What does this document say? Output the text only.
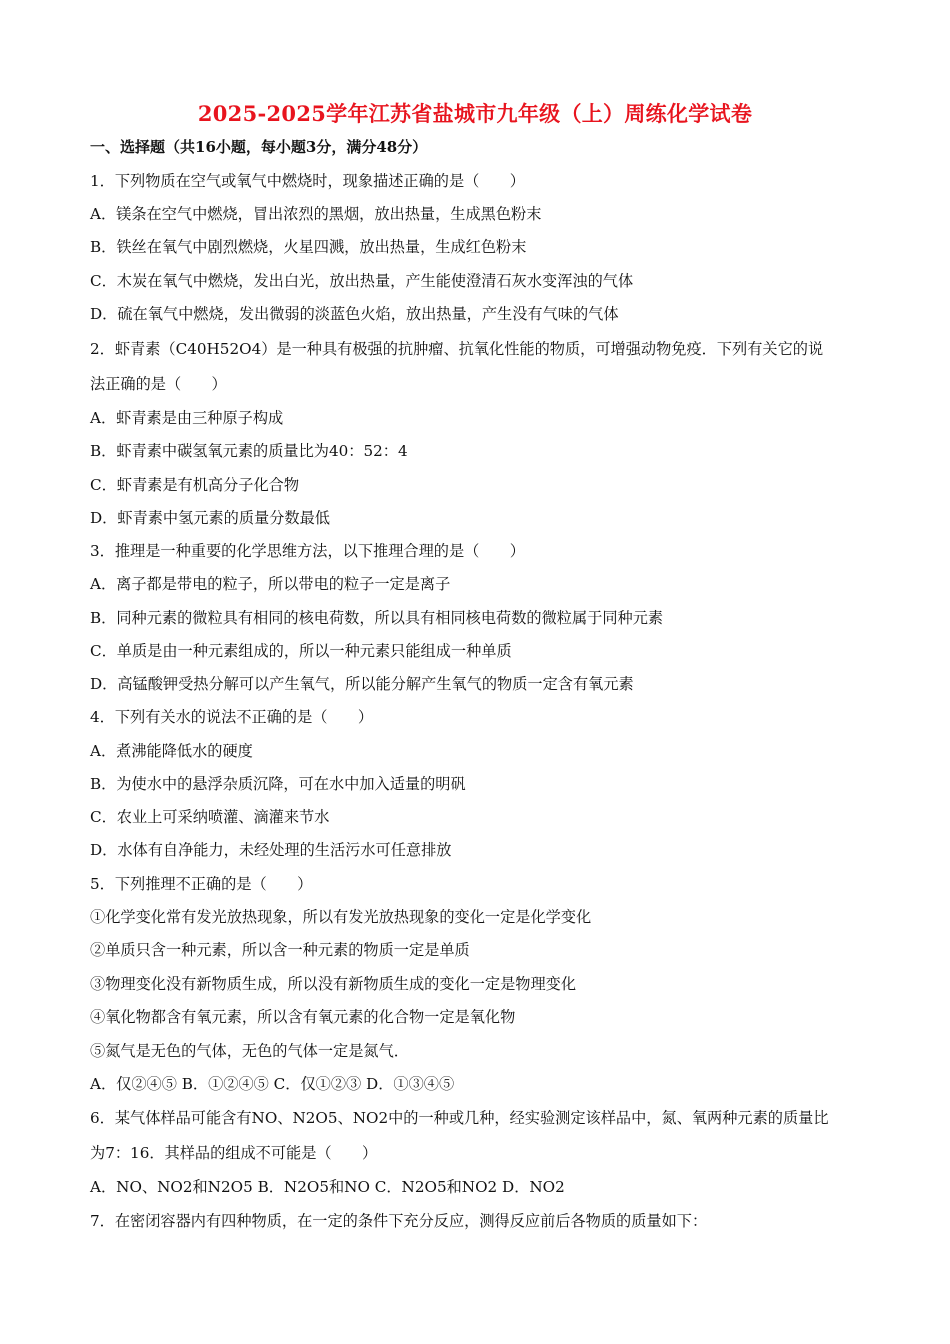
2025-2025学年江苏省盐城市九年级（上）周练化学试卷
一、选择题（共16小题，每小题3分，满分48分）
1．下列物质在空气或氧气中燃烧时，现象描述正确的是（　　）
A．镁条在空气中燃烧，冒出浓烈的黑烟，放出热量，生成黑色粉末
B．铁丝在氧气中剧烈燃烧，火星四溅，放出热量，生成红色粉末
C．木炭在氧气中燃烧，发出白光，放出热量，产生能使澄清石灰水变浑浊的气体
D．硫在氧气中燃烧，发出微弱的淡蓝色火焰，放出热量，产生没有气味的气体
2．虾青素（C40H52O4）是一种具有极强的抗肿瘤、抗氧化性能的物质，可增强动物免疫．下列有关它的说
法正确的是（　　）
A．虾青素是由三种原子构成
B．虾青素中碳氢氧元素的质量比为40：52：4
C．虾青素是有机高分子化合物
D．虾青素中氢元素的质量分数最低
3．推理是一种重要的化学思维方法，以下推理合理的是（　　）
A．离子都是带电的粒子，所以带电的粒子一定是离子
B．同种元素的微粒具有相同的核电荷数，所以具有相同核电荷数的微粒属于同种元素
C．单质是由一种元素组成的，所以一种元素只能组成一种单质
D．高锰酸钾受热分解可以产生氧气，所以能分解产生氧气的物质一定含有氧元素
4．下列有关水的说法不正确的是（　　）
A．煮沸能降低水的硬度
B．为使水中的悬浮杂质沉降，可在水中加入适量的明矾
C．农业上可采纳喷灌、滴灌来节水
D．水体有自净能力，未经处理的生活污水可任意排放
5．下列推理不正确的是（　　）
①化学变化常有发光放热现象，所以有发光放热现象的变化一定是化学变化
②单质只含一种元素，所以含一种元素的物质一定是单质
③物理变化没有新物质生成，所以没有新物质生成的变化一定是物理变化
④氧化物都含有氧元素，所以含有氧元素的化合物一定是氧化物
⑤氮气是无色的气体，无色的气体一定是氮气．
A．仅②④⑤ B．①②④⑤ C．仅①②③ D．①③④⑤
6．某气体样品可能含有NO、N2O5、NO2中的一种或几种，经实验测定该样品中，氮、氧两种元素的质量比
为7：16．其样品的组成不可能是（　　）
A．NO、NO2和N2O5 B．N2O5和NO C．N2O5和NO2 D．NO2
7．在密闭容器内有四种物质，在一定的条件下充分反应，测得反应前后各物质的质量如下：
